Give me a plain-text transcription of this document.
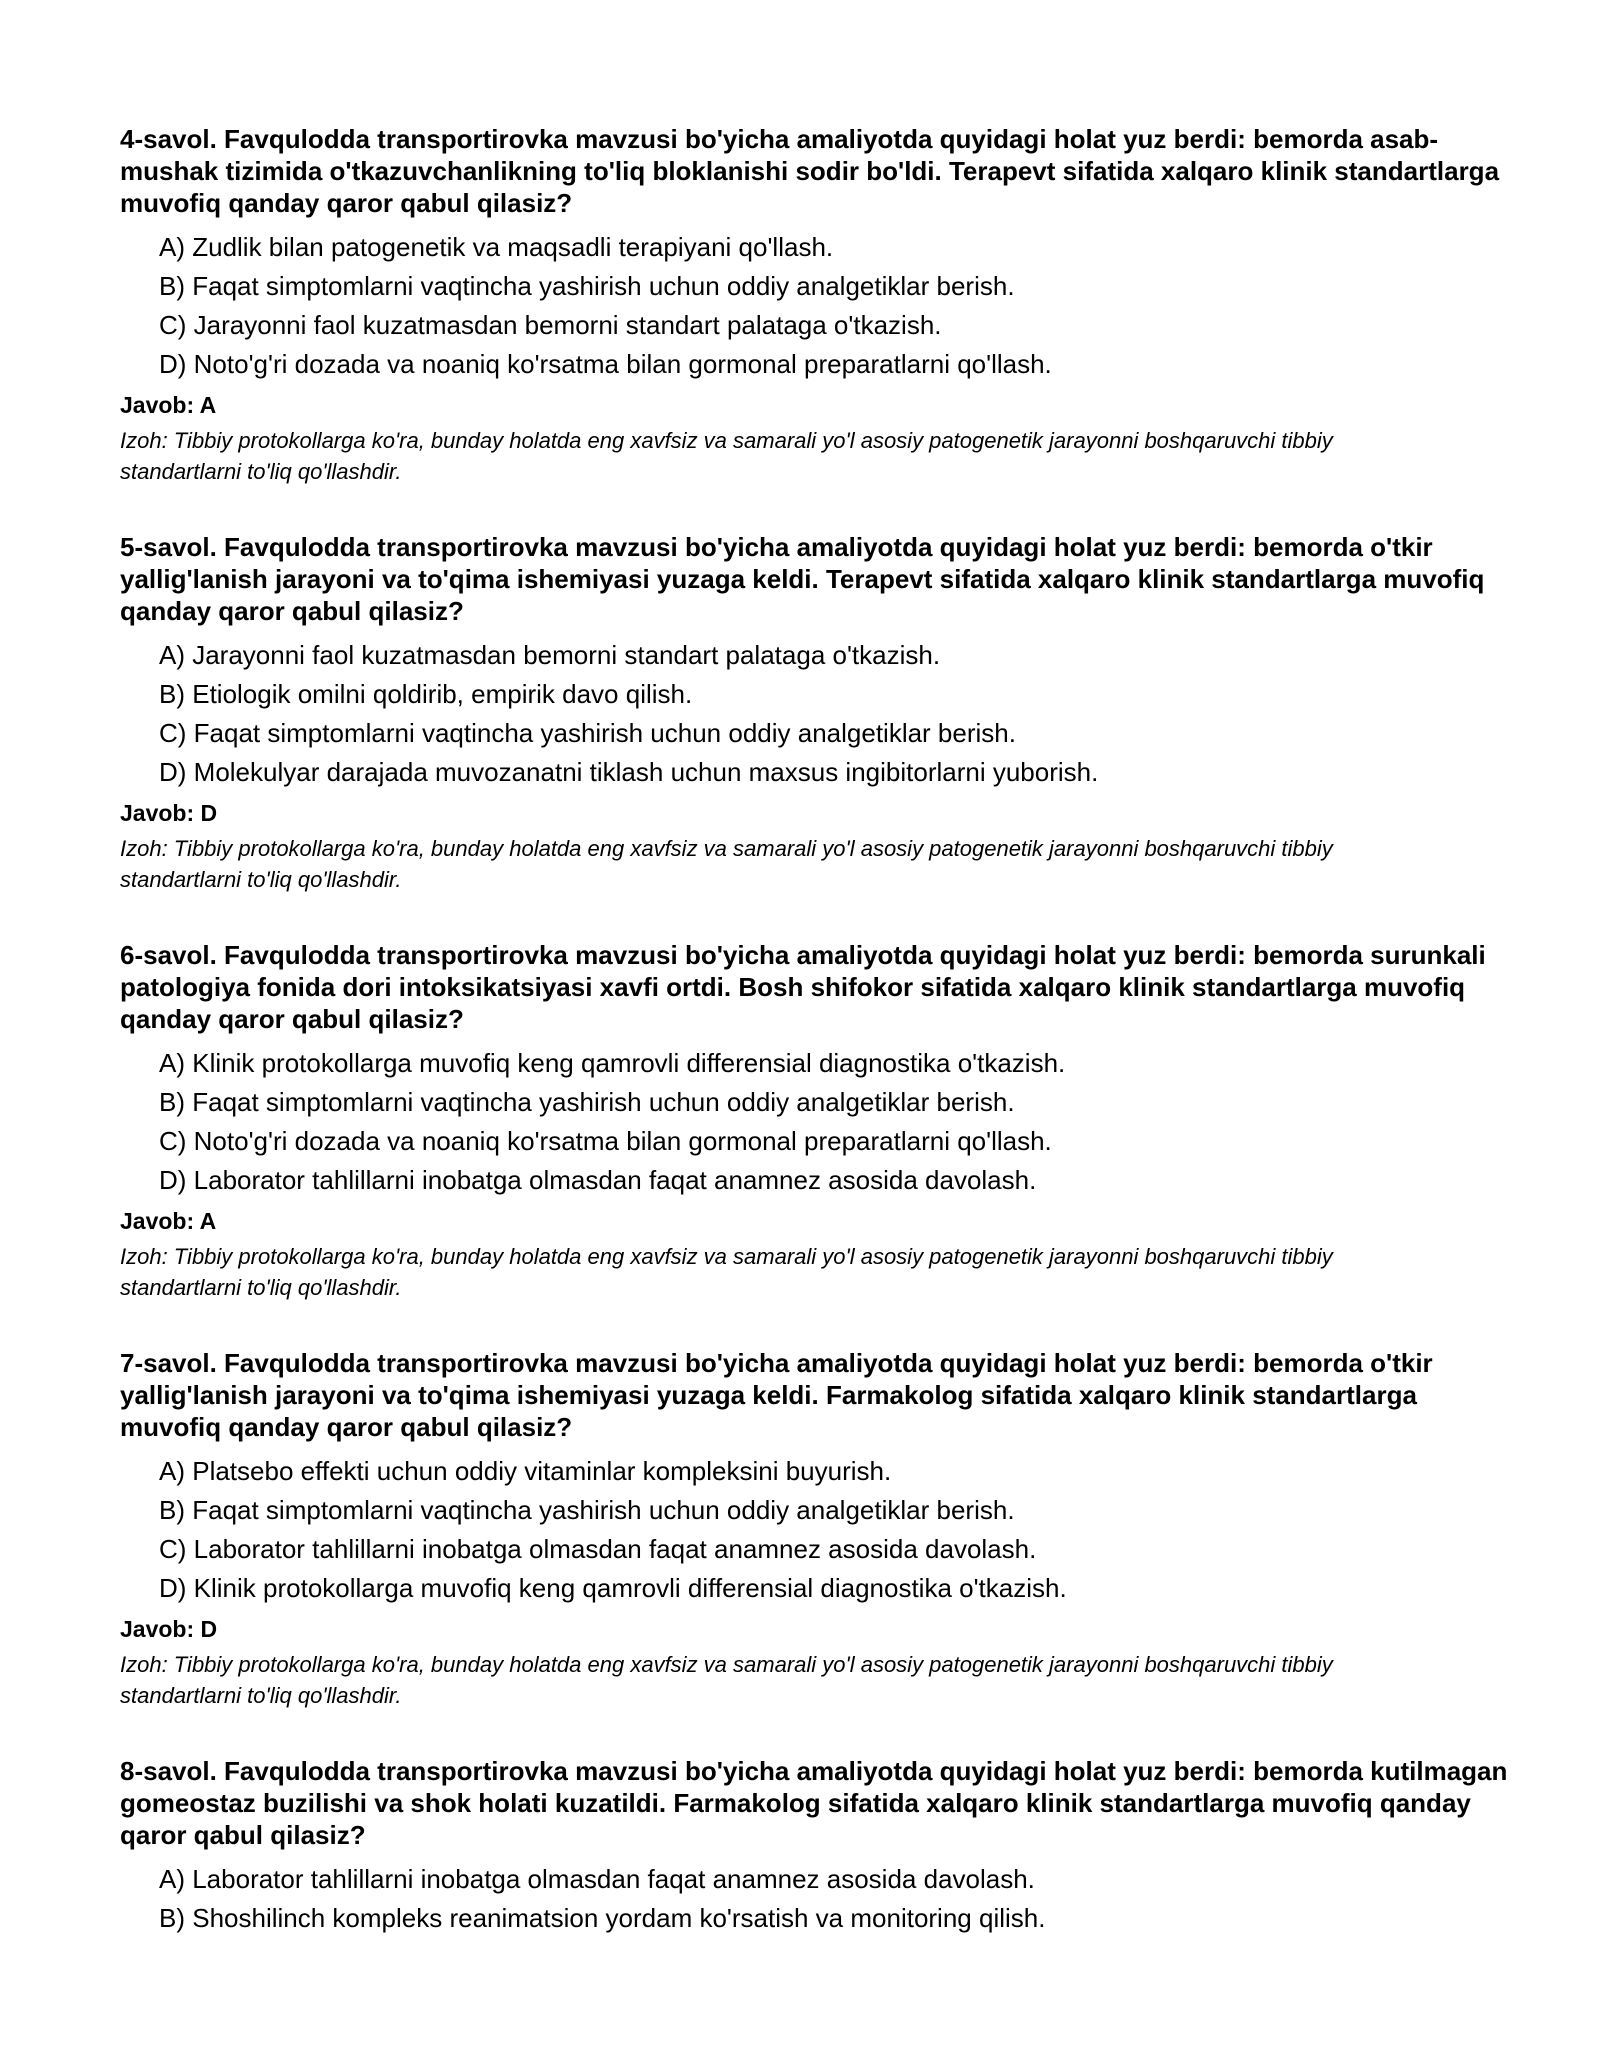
4-savol. Favqulodda transportirovka mavzusi bo'yicha amaliyotda quyidagi holat yuz berdi: bemorda asab-mushak tizimida o'tkazuvchanlikning to'liq bloklanishi sodir bo'ldi. Terapevt sifatida xalqaro klinik standartlarga muvofiq qanday qaror qabul qilasiz?

A) Zudlik bilan patogenetik va maqsadli terapiyani qo'llash.
B) Faqat simptomlarni vaqtincha yashirish uchun oddiy analgetiklar berish.
C) Jarayonni faol kuzatmasdan bemorni standart palataga o'tkazish.
D) Noto'g'ri dozada va noaniq ko'rsatma bilan gormonal preparatlarni qo'llash.

Javob: A

Izoh: Tibbiy protokollarga ko'ra, bunday holatda eng xavfsiz va samarali yo'l asosiy patogenetik jarayonni boshqaruvchi tibbiy standartlarni to'liq qo'llashdir.

5-savol. Favqulodda transportirovka mavzusi bo'yicha amaliyotda quyidagi holat yuz berdi: bemorda o'tkir yallig'lanish jarayoni va to'qima ishemiyasi yuzaga keldi. Terapevt sifatida xalqaro klinik standartlarga muvofiq qanday qaror qabul qilasiz?

A) Jarayonni faol kuzatmasdan bemorni standart palataga o'tkazish.
B) Etiologik omilni qoldirib, empirik davo qilish.
C) Faqat simptomlarni vaqtincha yashirish uchun oddiy analgetiklar berish.
D) Molekulyar darajada muvozanatni tiklash uchun maxsus ingibitorlarni yuborish.

Javob: D

Izoh: Tibbiy protokollarga ko'ra, bunday holatda eng xavfsiz va samarali yo'l asosiy patogenetik jarayonni boshqaruvchi tibbiy standartlarni to'liq qo'llashdir.

6-savol. Favqulodda transportirovka mavzusi bo'yicha amaliyotda quyidagi holat yuz berdi: bemorda surunkali patologiya fonida dori intoksikatsiyasi xavfi ortdi. Bosh shifokor sifatida xalqaro klinik standartlarga muvofiq qanday qaror qabul qilasiz?

A) Klinik protokollarga muvofiq keng qamrovli differensial diagnostika o'tkazish.
B) Faqat simptomlarni vaqtincha yashirish uchun oddiy analgetiklar berish.
C) Noto'g'ri dozada va noaniq ko'rsatma bilan gormonal preparatlarni qo'llash.
D) Laborator tahlillarni inobatga olmasdan faqat anamnez asosida davolash.

Javob: A

Izoh: Tibbiy protokollarga ko'ra, bunday holatda eng xavfsiz va samarali yo'l asosiy patogenetik jarayonni boshqaruvchi tibbiy standartlarni to'liq qo'llashdir.

7-savol. Favqulodda transportirovka mavzusi bo'yicha amaliyotda quyidagi holat yuz berdi: bemorda o'tkir yallig'lanish jarayoni va to'qima ishemiyasi yuzaga keldi. Farmakolog sifatida xalqaro klinik standartlarga muvofiq qanday qaror qabul qilasiz?

A) Platsebo effekti uchun oddiy vitaminlar kompleksini buyurish.
B) Faqat simptomlarni vaqtincha yashirish uchun oddiy analgetiklar berish.
C) Laborator tahlillarni inobatga olmasdan faqat anamnez asosida davolash.
D) Klinik protokollarga muvofiq keng qamrovli differensial diagnostika o'tkazish.

Javob: D

Izoh: Tibbiy protokollarga ko'ra, bunday holatda eng xavfsiz va samarali yo'l asosiy patogenetik jarayonni boshqaruvchi tibbiy standartlarni to'liq qo'llashdir.

8-savol. Favqulodda transportirovka mavzusi bo'yicha amaliyotda quyidagi holat yuz berdi: bemorda kutilmagan gomeostaz buzilishi va shok holati kuzatildi. Farmakolog sifatida xalqaro klinik standartlarga muvofiq qanday qaror qabul qilasiz?

A) Laborator tahlillarni inobatga olmasdan faqat anamnez asosida davolash.
B) Shoshilinch kompleks reanimatsion yordam ko'rsatish va monitoring qilish.
